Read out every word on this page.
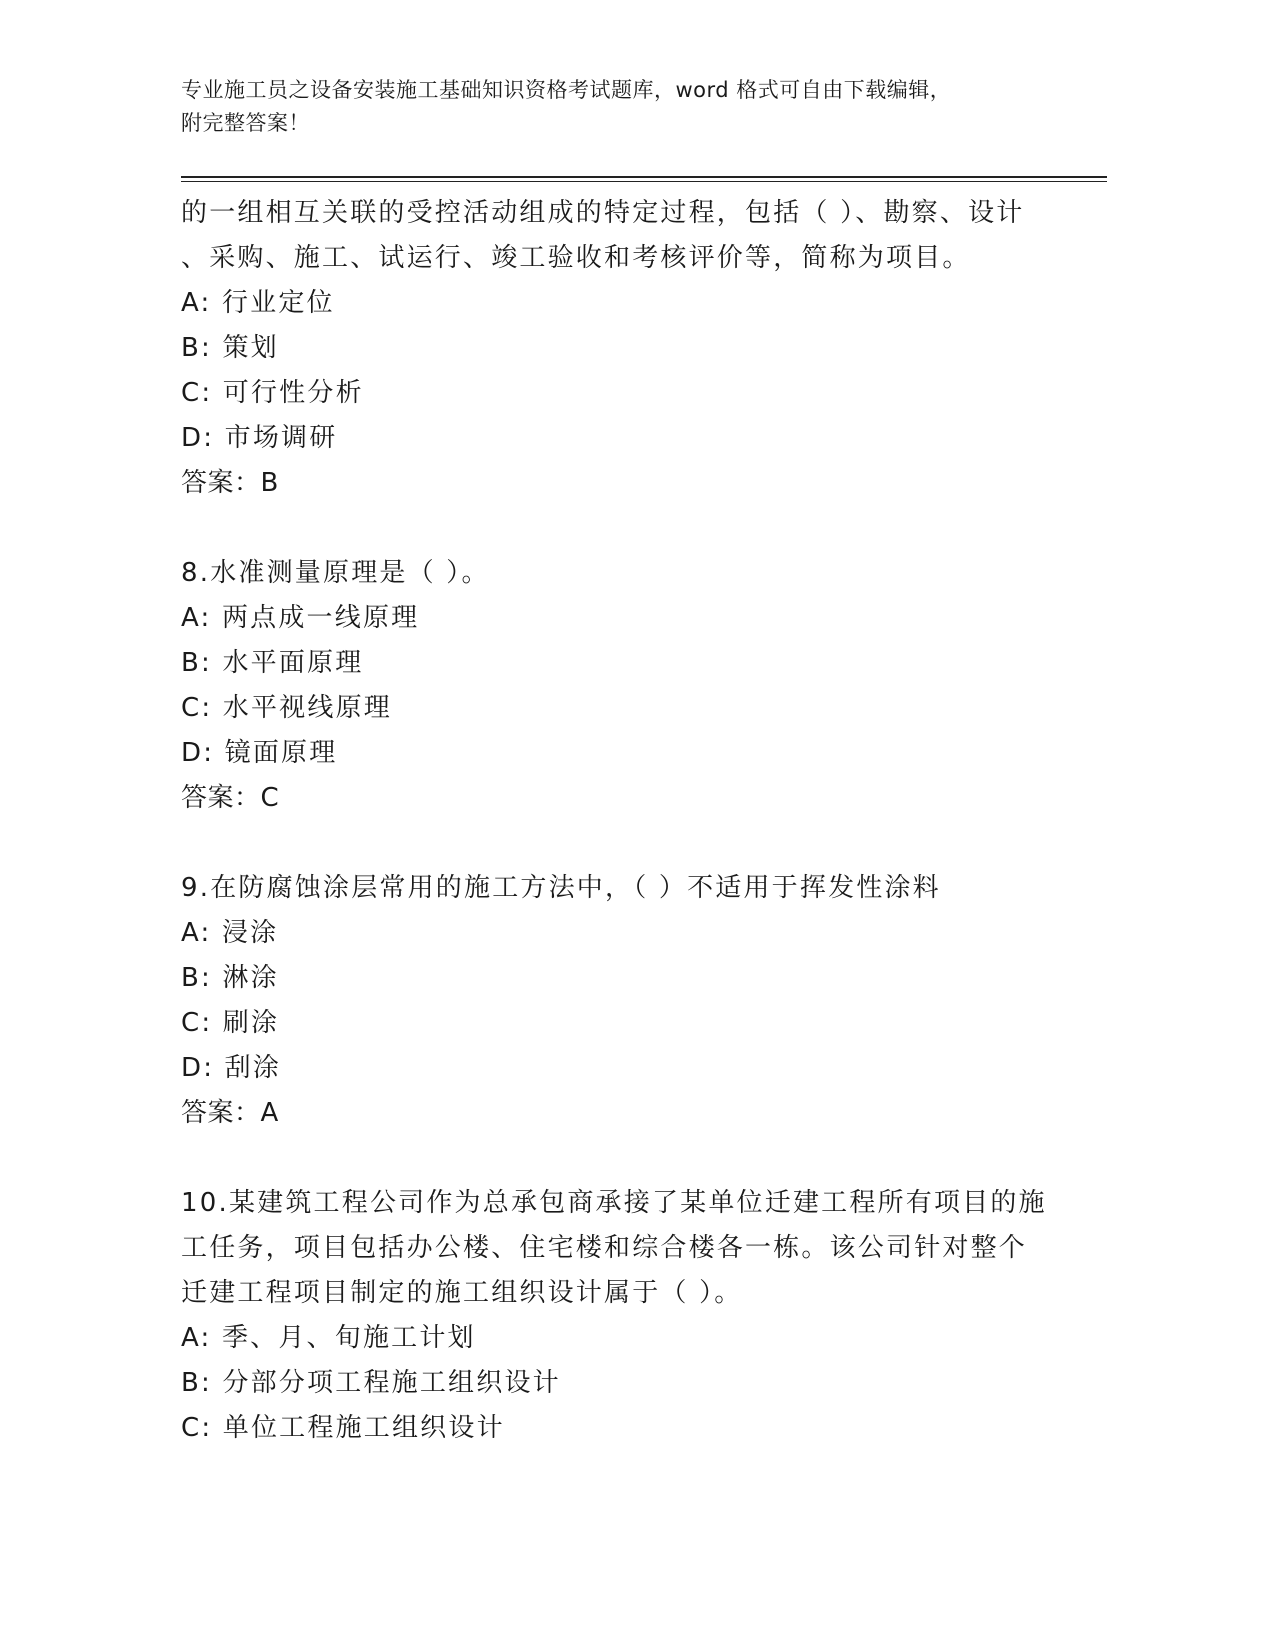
专业施工员之设备安装施工基础知识资格考试题库，word 格式可自由下载编辑，
附完整答案！
的一组相互关联的受控活动组成的特定过程，包括（ ）、勘察、设计
、采购、施工、试运行、竣工验收和考核评价等，简称为项目。
A: 行业定位
B: 策划
C: 可行性分析
D: 市场调研
答案：B
8.水准测量原理是（ ）。
A: 两点成一线原理
B: 水平面原理
C: 水平视线原理
D: 镜面原理
答案：C
9.在防腐蚀涂层常用的施工方法中，（ ）不适用于挥发性涂料
A: 浸涂
B: 淋涂
C: 刷涂
D: 刮涂
答案：A
10.某建筑工程公司作为总承包商承接了某单位迁建工程所有项目的施
工任务，项目包括办公楼、住宅楼和综合楼各一栋。该公司针对整个
迁建工程项目制定的施工组织设计属于（ ）。
A: 季、月、旬施工计划
B: 分部分项工程施工组织设计
C: 单位工程施工组织设计
